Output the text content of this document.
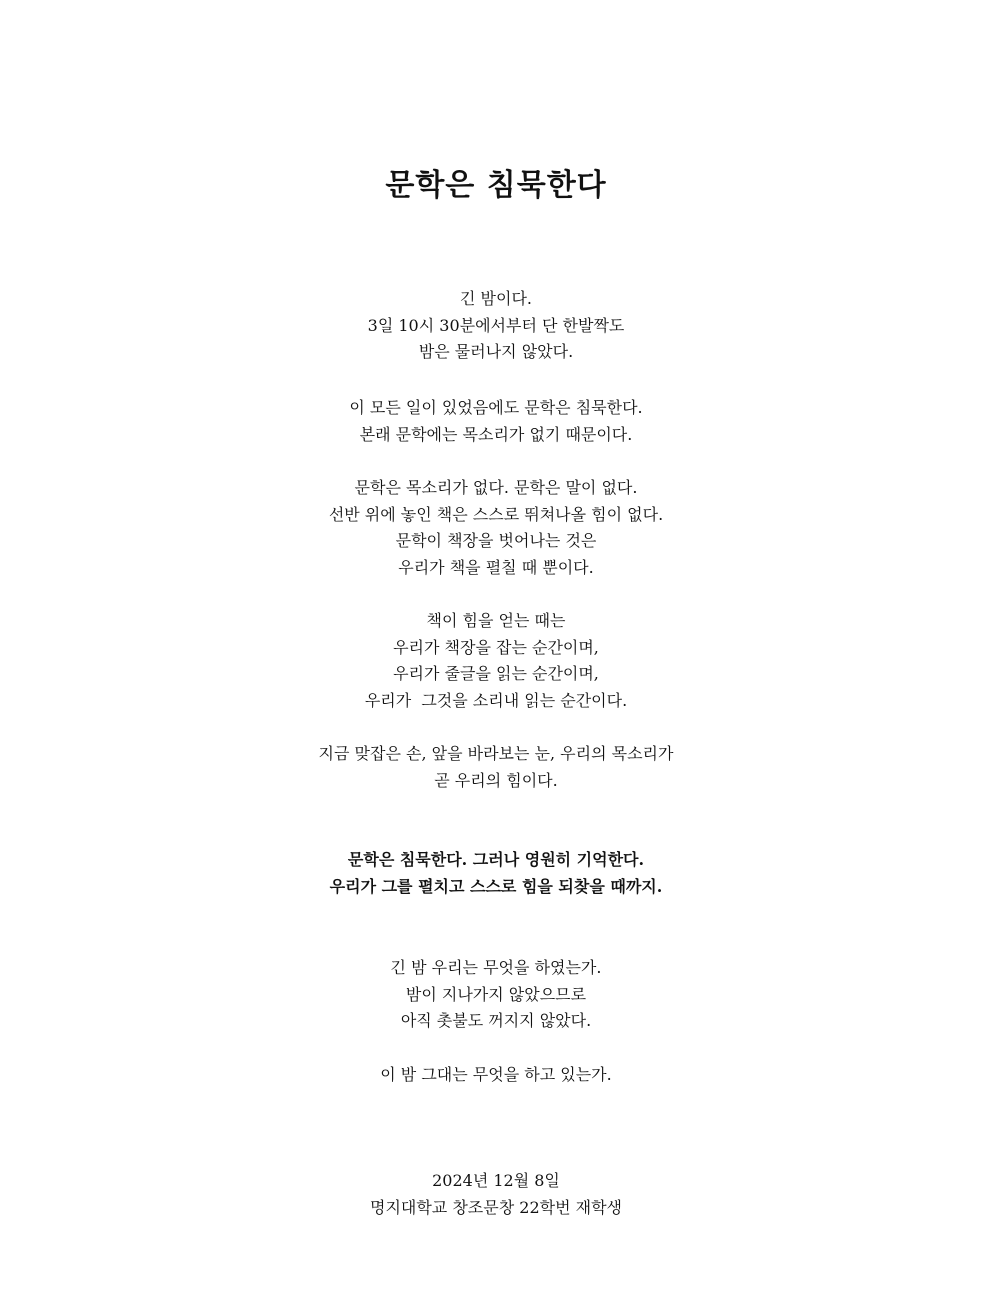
문학은 침묵한다
긴 밤이다.
3일 10시 30분에서부터 단 한발짝도
밤은 물러나지 않았다.
이 모든 일이 있었음에도 문학은 침묵한다.
본래 문학에는 목소리가 없기 때문이다.
문학은 목소리가 없다. 문학은 말이 없다.
선반 위에 놓인 책은 스스로 뛰쳐나올 힘이 없다.
문학이 책장을 벗어나는 것은
우리가 책을 펼칠 때 뿐이다.
책이 힘을 얻는 때는
우리가 책장을 잡는 순간이며,
우리가 줄글을 읽는 순간이며,
우리가  그것을 소리내 읽는 순간이다.
지금 맞잡은 손, 앞을 바라보는 눈, 우리의 목소리가
곧 우리의 힘이다.
문학은 침묵한다. 그러나 영원히 기억한다.
우리가 그를 펼치고 스스로 힘을 되찾을 때까지.
긴 밤 우리는 무엇을 하였는가.
밤이 지나가지 않았으므로
아직 촛불도 꺼지지 않았다.
이 밤 그대는 무엇을 하고 있는가.
2024년 12월 8일
명지대학교 창조문창 22학번 재학생
